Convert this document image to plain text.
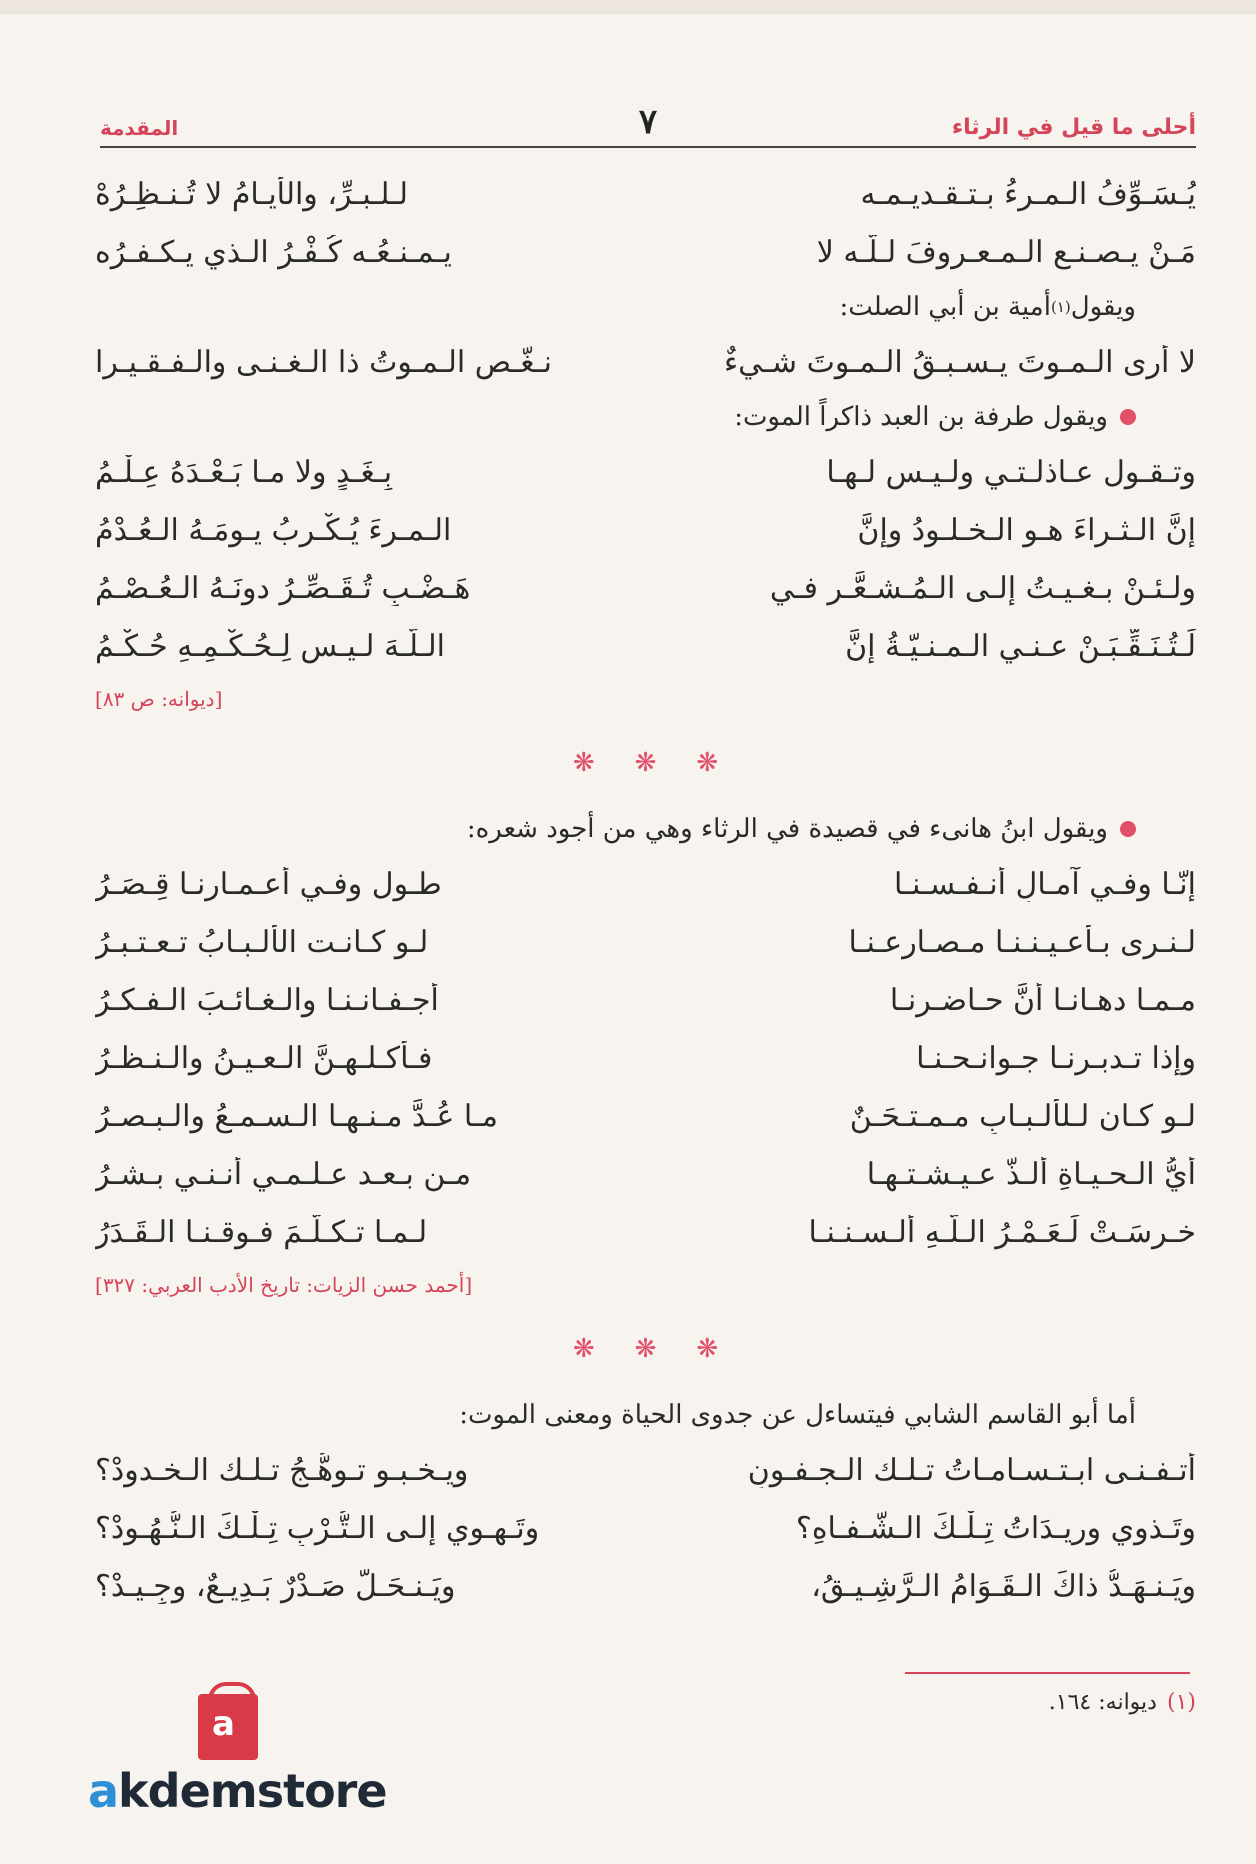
أحلى ما قيل في الرثاء
٧
المقدمة
يُـسَـوِّفُ الـمـرءُ بـتـقـديـمـه
لـلـبـرِّ، والأيـامُ لا تُـنـظِـرُهْ
مَـنْ يـصـنـع الـمـعـروفَ لـلَّـه لا
يـمـنـعُـه كُـفْـرُ الـذي يـكـفـرُه
ويقول
(١)
أمية بن أبي الصلت:
لا أرى الـمـوتَ يـسـبـقُ الـمـوتَ شـيءٌ
نـغّـص الـمـوتُ ذا الـغـنـى والـفـقـيـرا
ويقول طرفة بن العبد ذاكراً الموت:
وتـقـول عـاذلـتـي ولـيـس لـهـا
بِـغَـدٍ ولا مـا بَـعْـدَهُ عِـلْـمُ
إنَّ الـثـراءَ هـو الـخـلـودُ وإنَّ
الـمـرءَ يُـكْـرِبُ يـومَـهُ الـعُـدْمُ
ولـئـنْ بـغـيـتُ إلـى الـمُـشـعَّـرِ فـي
هَـضْـبٍ تُـقَـصِّـرُ دونَـهُ الـعُـصْـمُ
لَـتُـنَـقِّـبَـنْ عـنـي الـمـنـيّـةُ إنَّ
الـلَّـهَ لـيـس لِـحُـكْـمِـهِ حُـكْـمُ
[ديوانه: ص ٨٣]
❋
❋
❋
ويقول ابنُ هانىء في قصيدة في الرثاء وهي من أجود شعره:
إنّـا وفـي آمـالِ أنـفـسـنـا
طـول وفـي أعـمـارِنـا قِـصَـرُ
لـنـرى بـأعـيـنـنـا مـصـارعـنـا
لـو كـانـت الألـبـابُ تـعـتـبـرُ
مـمـا دهـانـا أنَّ حـاضـرنـا
أجـفـانـنـا والـغـائـبَ الـفـكـرُ
وإذا تـدبـرنـا جـوانـحـنـا
فـأكـلـهـنَّ الـعـيـنُ والـنـظـرُ
لـو كـان لـلألـبـابِ مـمـتـحَـنٌ
مـا عُـدَّ مـنـهـا الـسـمـعُ والـبـصـرُ
أيُّ الـحـيـاةِ ألـذُّ عـيـشـتـهـا
مـن بـعـد عـلـمـي أنـنـي بـشـرُ
خـرِسَـتْ لَـعَـمْـرُ الـلَّـهِ ألـسـنـنـا
لـمـا تـكـلَّـمَ فـوقـنـا الـقَـدَرُ
[أحمد حسن الزيات: تاريخ الأدب العربي: ٣٢٧]
❋
❋
❋
أما أبو القاسم الشابي فيتساءل عن جدوى الحياة ومعنى الموت:
أتـفـنـى ابـتـسـامـاتُ تـلـك الـجـفـونِ
ويـخـبـو تـوهُّـجُ تـلـك الـخـدودْ؟
وتَـذوي وريـدَاتُ تِـلْـكَ الـشّـفـاهِ؟
وتَـهـوِي إلـى الـتُّـرْبِ تِـلْـكَ الـنُّـهُـودْ؟
ويَـنـهَـدُّ ذاكَ الـقَـوَامُ الـرَّشِـيـقُ،
ويَـنـحَـلُّ صَـدْرٌ بَـدِيـعٌ، وجِـيـدْ؟
(١)ديوانه: ١٦٤.
a
akdemstore
